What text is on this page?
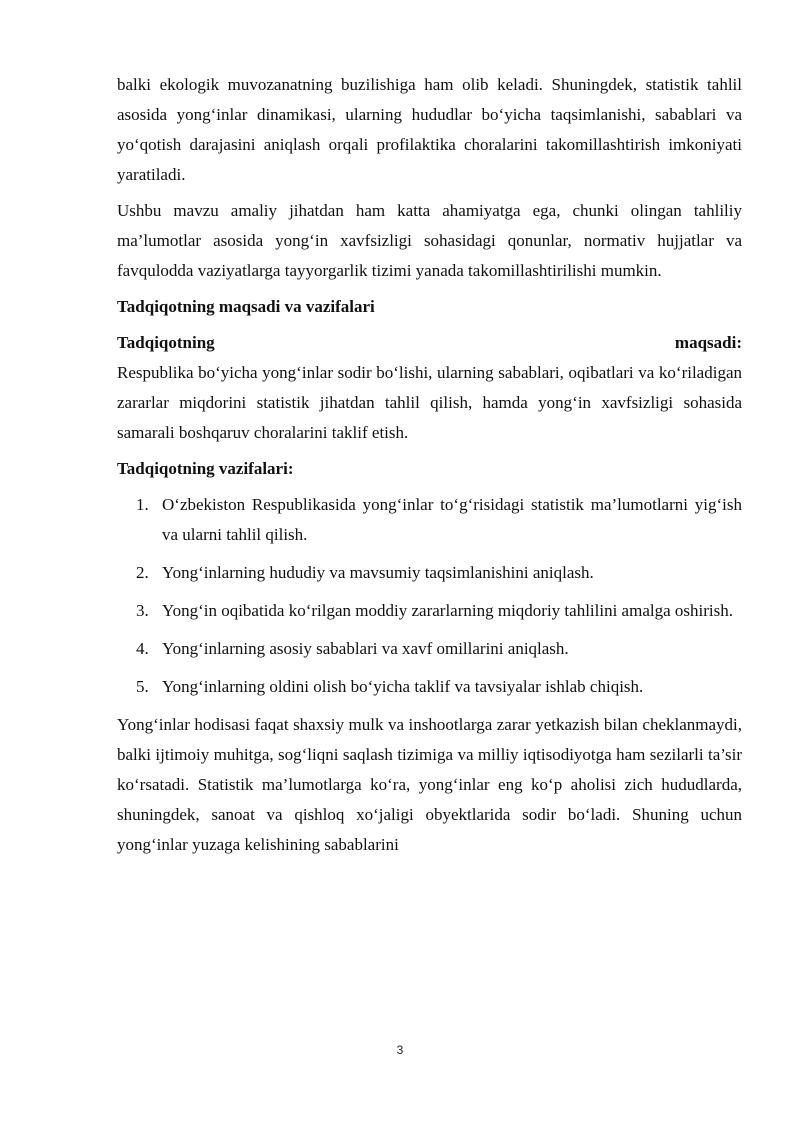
balki ekologik muvozanatning buzilishiga ham olib keladi. Shuningdek, statistik tahlil asosida yong‘inlar dinamikasi, ularning hududlar bo‘yicha taqsimlanishi, sabablari va yo‘qotish darajasini aniqlash orqali profilaktika choralarini takomillashtirish imkoniyati yaratiladi.

Ushbu mavzu amaliy jihatdan ham katta ahamiyatga ega, chunki olingan tahliliy ma’lumotlar asosida yong‘in xavfsizligi sohasidagi qonunlar, normativ hujjatlar va favqulodda vaziyatlarga tayyorgarlik tizimi yanada takomillashtirilishi mumkin.

Tadqiqotning maqsadi va vazifalari

Tadqiqotning	maqsadi:

Respublika bo‘yicha yong‘inlar sodir bo‘lishi, ularning sabablari, oqibatlari va ko‘riladigan zararlar miqdorini statistik jihatdan tahlil qilish, hamda yong‘in xavfsizligi sohasida samarali boshqaruv choralarini taklif etish.

Tadqiqotning vazifalari:

1. O‘zbekiston Respublikasida yong‘inlar to‘g‘risidagi statistik ma’lumotlarni yig‘ish va ularni tahlil qilish.
2. Yong‘inlarning hududiy va mavsumiy taqsimlanishini aniqlash.
3. Yong‘in oqibatida ko‘rilgan moddiy zararlarning miqdoriy tahlilini amalga oshirish.
4. Yong‘inlarning asosiy sabablari va xavf omillarini aniqlash.
5. Yong‘inlarning oldini olish bo‘yicha taklif va tavsiyalar ishlab chiqish.

Yong‘inlar hodisasi faqat shaxsiy mulk va inshootlarga zarar yetkazish bilan cheklanmaydi, balki ijtimoiy muhitga, sog‘liqni saqlash tizimiga va milliy iqtisodiyotga ham sezilarli ta’sir ko‘rsatadi. Statistik ma’lumotlarga ko‘ra, yong‘inlar eng ko‘p aholisi zich hududlarda, shuningdek, sanoat va qishloq xo‘jaligi obyektlarida sodir bo‘ladi. Shuning uchun yong‘inlar yuzaga kelishining sabablarini

3
